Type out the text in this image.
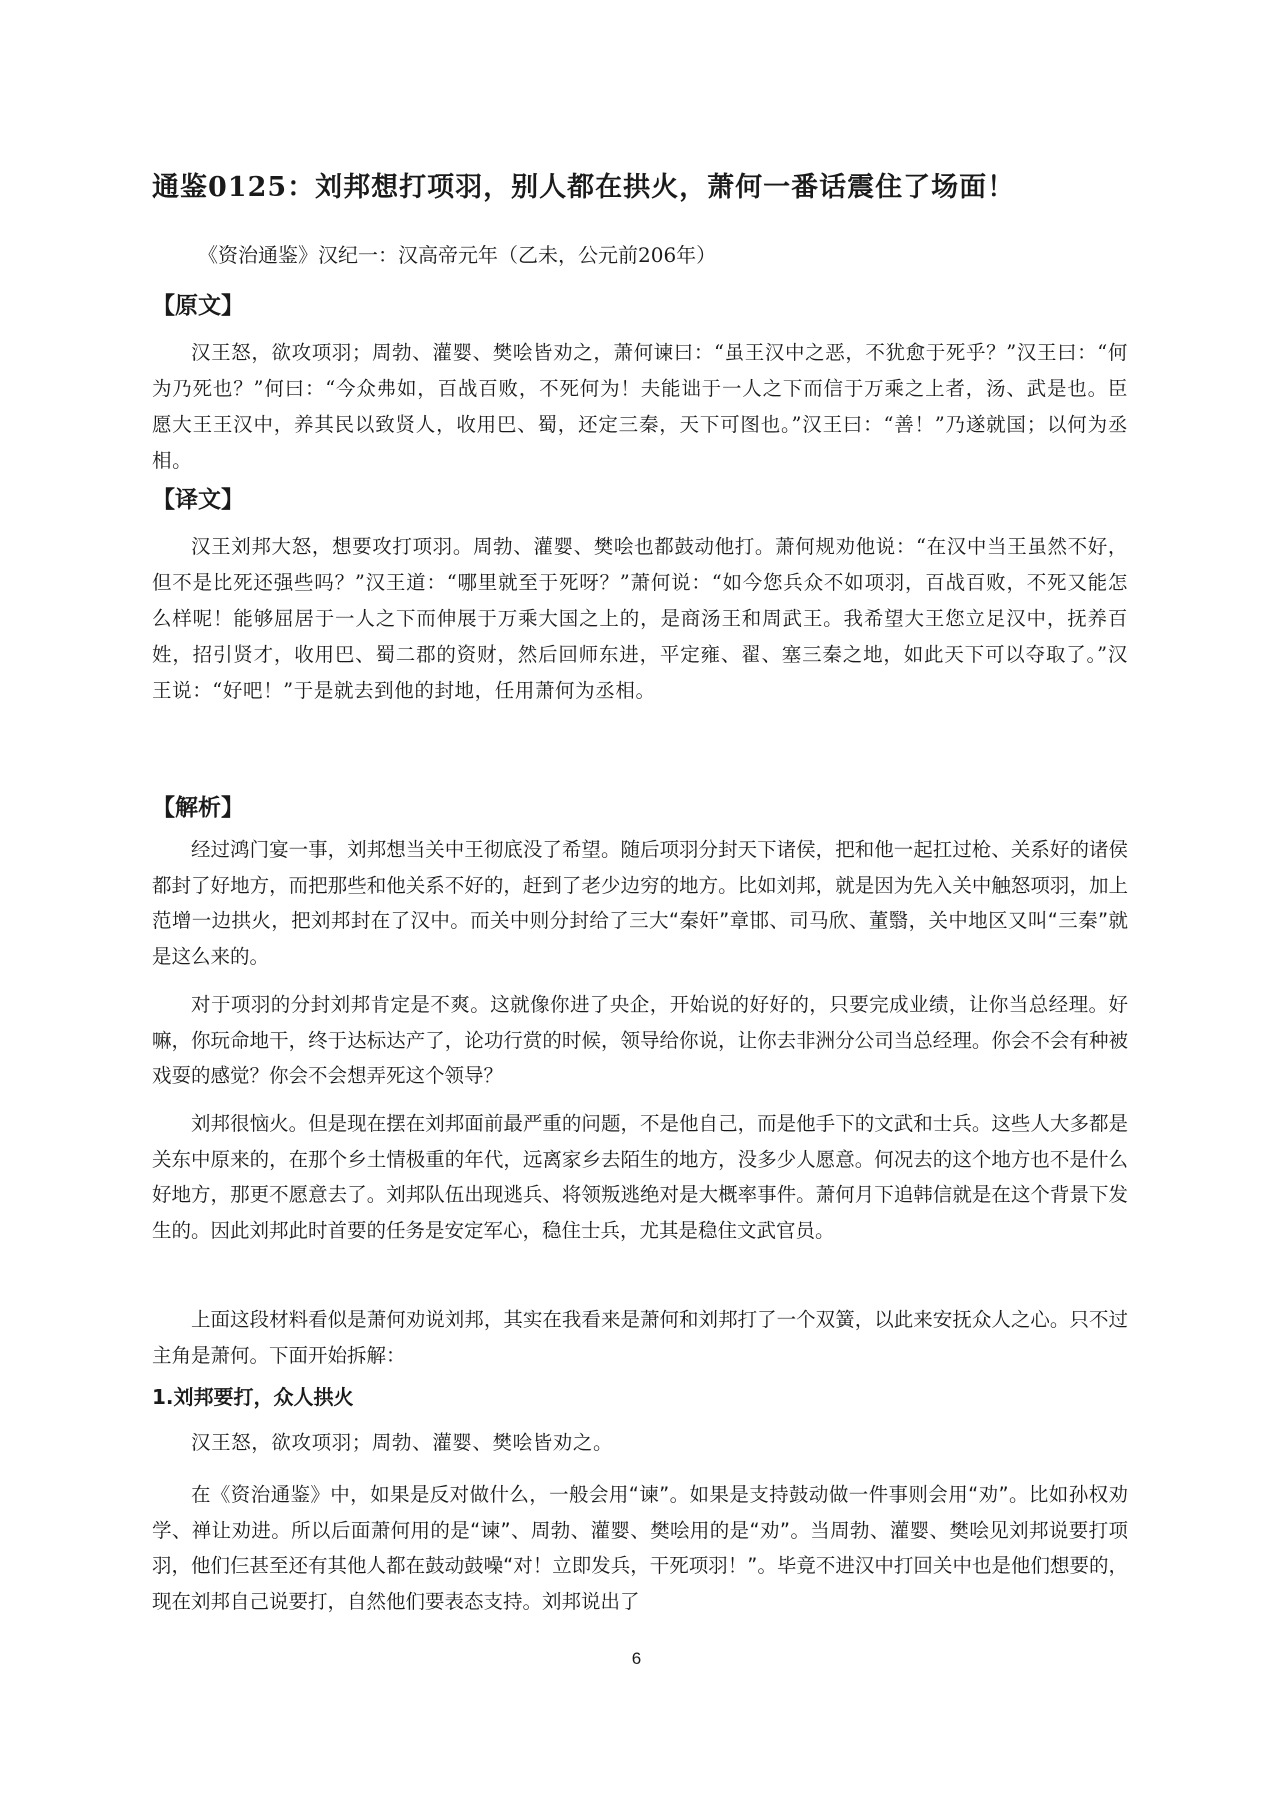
通鉴0125：刘邦想打项羽，别人都在拱火，萧何一番话震住了场面！
《资治通鉴》汉纪一：汉高帝元年（乙未，公元前206年）
【原文】
汉王怒，欲攻项羽；周勃、灌婴、樊哙皆劝之，萧何谏曰：“虽王汉中之恶，不犹愈于死乎？”汉王曰：“何为乃死也？”何曰：“今众弗如，百战百败，不死何为！夫能诎于一人之下而信于万乘之上者，汤、武是也。臣愿大王王汉中，养其民以致贤人，收用巴、蜀，还定三秦，天下可图也。”汉王曰：“善！”乃遂就国；以何为丞相。
【译文】
汉王刘邦大怒，想要攻打项羽。周勃、灌婴、樊哙也都鼓动他打。萧何规劝他说：“在汉中当王虽然不好，但不是比死还强些吗？”汉王道：“哪里就至于死呀？”萧何说：“如今您兵众不如项羽，百战百败，不死又能怎么样呢！能够屈居于一人之下而伸展于万乘大国之上的，是商汤王和周武王。我希望大王您立足汉中，抚养百姓，招引贤才，收用巴、蜀二郡的资财，然后回师东进，平定雍、翟、塞三秦之地，如此天下可以夺取了。”汉王说：“好吧！”于是就去到他的封地，任用萧何为丞相。
【解析】
经过鸿门宴一事，刘邦想当关中王彻底没了希望。随后项羽分封天下诸侯，把和他一起扛过枪、关系好的诸侯都封了好地方，而把那些和他关系不好的，赶到了老少边穷的地方。比如刘邦，就是因为先入关中触怒项羽，加上范增一边拱火，把刘邦封在了汉中。而关中则分封给了三大“秦奸”章邯、司马欣、董翳，关中地区又叫“三秦”就是这么来的。
对于项羽的分封刘邦肯定是不爽。这就像你进了央企，开始说的好好的，只要完成业绩，让你当总经理。好嘛，你玩命地干，终于达标达产了，论功行赏的时候，领导给你说，让你去非洲分公司当总经理。你会不会有种被戏耍的感觉？你会不会想弄死这个领导？
刘邦很恼火。但是现在摆在刘邦面前最严重的问题，不是他自己，而是他手下的文武和士兵。这些人大多都是关东中原来的，在那个乡土情极重的年代，远离家乡去陌生的地方，没多少人愿意。何况去的这个地方也不是什么好地方，那更不愿意去了。刘邦队伍出现逃兵、将领叛逃绝对是大概率事件。萧何月下追韩信就是在这个背景下发生的。因此刘邦此时首要的任务是安定军心，稳住士兵，尤其是稳住文武官员。
上面这段材料看似是萧何劝说刘邦，其实在我看来是萧何和刘邦打了一个双簧，以此来安抚众人之心。只不过主角是萧何。下面开始拆解：
1.刘邦要打，众人拱火
汉王怒，欲攻项羽；周勃、灌婴、樊哙皆劝之。
在《资治通鉴》中，如果是反对做什么，一般会用“谏”。如果是支持鼓动做一件事则会用“劝”。比如孙权劝学、禅让劝进。所以后面萧何用的是“谏”、周勃、灌婴、樊哙用的是“劝”。当周勃、灌婴、樊哙见刘邦说要打项羽，他们仨甚至还有其他人都在鼓动鼓噪“对！立即发兵，干死项羽！”。毕竟不进汉中打回关中也是他们想要的，现在刘邦自己说要打，自然他们要表态支持。刘邦说出了
6
